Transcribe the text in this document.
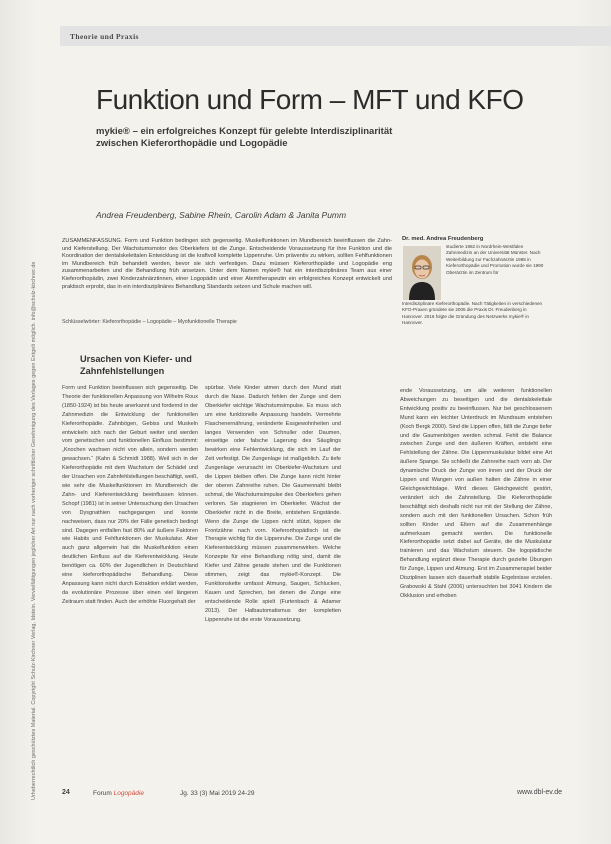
Urheberrechtlich geschütztes Material. Copyright Schulz-Kirchner Verlag, Idstein. Vervielfältigungen jeglicher Art nur nach vorheriger schriftlicher Genehmigung des Verlages gegen Entgelt möglich. info@schulz-kirchner.de
Theorie und Praxis
Funktion und Form – MFT und KFO
mykie® – ein erfolgreiches Konzept für gelebte Interdisziplinarität zwischen Kieferorthopädie und Logopädie
Andrea Freudenberg, Sabine Rhein, Carolin Adam & Janita Pumm
ZUSAMMENFASSUNG. Form und Funktion bedingen sich gegenseitig. Muskelfunktionen im Mundbereich beeinflussen die Zahn- und Kieferstellung. Der Wachstumsmotor des Oberkiefers ist die Zunge. Entscheidende Voraussetzung für ihre Funktion und die Koordination der dentalskelettalen Entwicklung ist die kraftvoll komplette Lippenruhe. Um präventiv zu wirken, sollten Fehlfunktionen im Mundbereich früh behandelt werden, bevor sie sich verfestigen. Dazu müssen Kieferorthopädie und Logopädie eng zusammenarbeiten und die Behandlung früh ansetzen. Unter dem Namen mykie® hat ein interdisziplinäres Team aus einer Kieferorthopädin, zwei Kinderzahnärztinnen, einer Logopädin und einer Atemtherapeutin ein erfolgreiches Konzept entwickelt und praktisch erprobt, das in ein interdisziplinäres Behandlung Standards setzen und Schule machen will.
Schlüsselwörter: Kieferorthopädie – Logopädie – Myofunktionelle Therapie
Dr. med. Andrea Freudenberg
studierte 1982 in Nordrhein-Westfalen Zahnmedizin an der Universität Münster. Nach Weiterbildung zur Fachzahnärztin 1988 in Kieferorthopädie und Promotion wurde sie 1990 Oberärztin im Zentrum für
Interdisziplinäre Kieferorthopädie. Nach Tätigkeiten in verschiedenen KFO-Praxen gründete sie 2005 die Praxis Dr. Freudenberg in Hannover. 2016 folgte die Gründung des Netzwerks mykie® in Hannover.
Ursachen von Kiefer- und Zahnfehlstellungen
Form und Funktion beeinflussen sich gegenseitig. Die Theorie der funktionellen Anpassung von Wilhelm Roux (1850-1924) ist bis heute anerkannt und fordernd in der Zahnmedizin die Entwicklung der funktionellen Kieferorthopädie. Zahnbögen, Gebiss und Muskeln entwickeln sich nach der Geburt weiter und werden vom genetischen und funktionellen Einfluss bestimmt: „Knochen wachsen nicht von allein, sondern werden gewachsen.“ (Kahn & Schmidt 1988). Weil sich in der Kieferorthopädie mit dem Wachstum der Schädel und der Ursachen von Zahnfehlstellungen beschäftigt, weiß, wie sehr die Muskelfunktionen im Mundbereich die Zahn- und Kieferentwicklung beeinflussen können. Schopf (1981) ist in seiner Untersuchung den Ursachen von Dysgnathien nachgegangen und konnte nachweisen, dass nur 20% der Fälle genetisch bedingt sind. Dagegen entfallen fast 80% auf äußere Faktoren wie Habits und Fehlfunktionen der Muskulatur. Aber auch ganz allgemein hat die Muskelfunktion einen deutlichen Einfluss auf die Kieferentwicklung. Heute benötigen ca. 60% der Jugendlichen in Deutschland eine kieferorthopädische Behandlung. Diese Anpassung kann nicht durch Extraktion erklärt werden, da evolutionäre Prozesse über einen viel längeren Zeitraum statt finden. Auch der erhöhte Fluorgehalt der
spürbar. Viele Kinder atmen durch den Mund statt durch die Nase. Dadurch fehlen der Zunge und dem Oberkiefer wichtige Wachstumsimpulse. Es muss sich um eine funktionelle Anpassung handeln. Vermehrte Flaschenernährung, veränderte Essgewohnheiten und langes Verwenden von Schnuller oder Daumen, einseitige oder falsche Lagerung des Säuglings bewirken eine Fehlentwicklung, die sich im Lauf der Zeit verfestigt. Die Zungenlage ist maßgeblich. Zu tiefe Zungenlage verursacht im Oberkiefer-Wachstum und die Lippen bleiben offen. Die Zunge kann nicht hinter der oberen Zahnreihe ruhen. Die Gaumennaht bleibt schmal, die Wachstumsimpulse des Oberkiefers gehen verloren. Sie stagnieren im Oberkiefer. Wächst der Oberkiefer nicht in die Breite, entstehen Engstände. Wenn die Zunge die Lippen nicht stützt, kippen die Frontzähne nach vorn. Kieferorthopädisch ist die Therapie wichtig für die Lippenruhe. Die Zunge und die Kieferentwicklung müssen zusammenwirken. Welche Konzepte für eine Behandlung nötig sind, damit die Kiefer und Zähne gerade stehen und die Funktionen stimmen, zeigt das mykie®-Konzept. Die Funktionskette umfasst Atmung, Saugen, Schlucken, Kauen und Sprechen, bei denen die Zunge eine entscheidende Rolle spielt (Furtenbach & Adamer 2013). Der Halbautomatismus der kompletten Lippenruhe ist die erste Voraussetzung.
ende Voraussetzung, um alle weiteren funktionellen Abweichungen zu beseitigen und die dentalskelettale Entwicklung positiv zu beeinflussen. Nur bei geschlossenem Mund kann ein leichter Unterdruck im Mundraum entstehen (Koch Bergk 2000). Sind die Lippen offen, fällt die Zunge tiefer und die Gaumenbögen werden schmal. Fehlt die Balance zwischen Zunge und den äußeren Kräften, entsteht eine Fehlstellung der Zähne. Die Lippenmuskulatur bildet eine Art äußere Spange. Sie schließt die Zahnreihe nach vorn ab. Der dynamische Druck der Zunge von innen und der Druck der Lippen und Wangen von außen halten die Zähne in einer Gleichgewichtslage. Wird dieses Gleichgewicht gestört, verändert sich die Zahnstellung. Die Kieferorthopädie beschäftigt sich deshalb nicht nur mit der Stellung der Zähne, sondern auch mit den funktionellen Ursachen. Schon früh sollten Kinder und Eltern auf die Zusammenhänge aufmerksam gemacht werden. Die funktionelle Kieferorthopädie setzt dabei auf Geräte, die die Muskulatur trainieren und das Wachstum steuern. Die logopädische Behandlung ergänzt diese Therapie durch gezielte Übungen für Zunge, Lippen und Atmung. Erst im Zusammenspiel beider Disziplinen lassen sich dauerhaft stabile Ergebnisse erzielen. Grabowski & Stahl (2006) untersuchten bei 3041 Kindern die Okklusion und erhoben
24	Forum Logopädie	Jg. 33 (3) Mai 2019 24-29	www.dbl-ev.de
